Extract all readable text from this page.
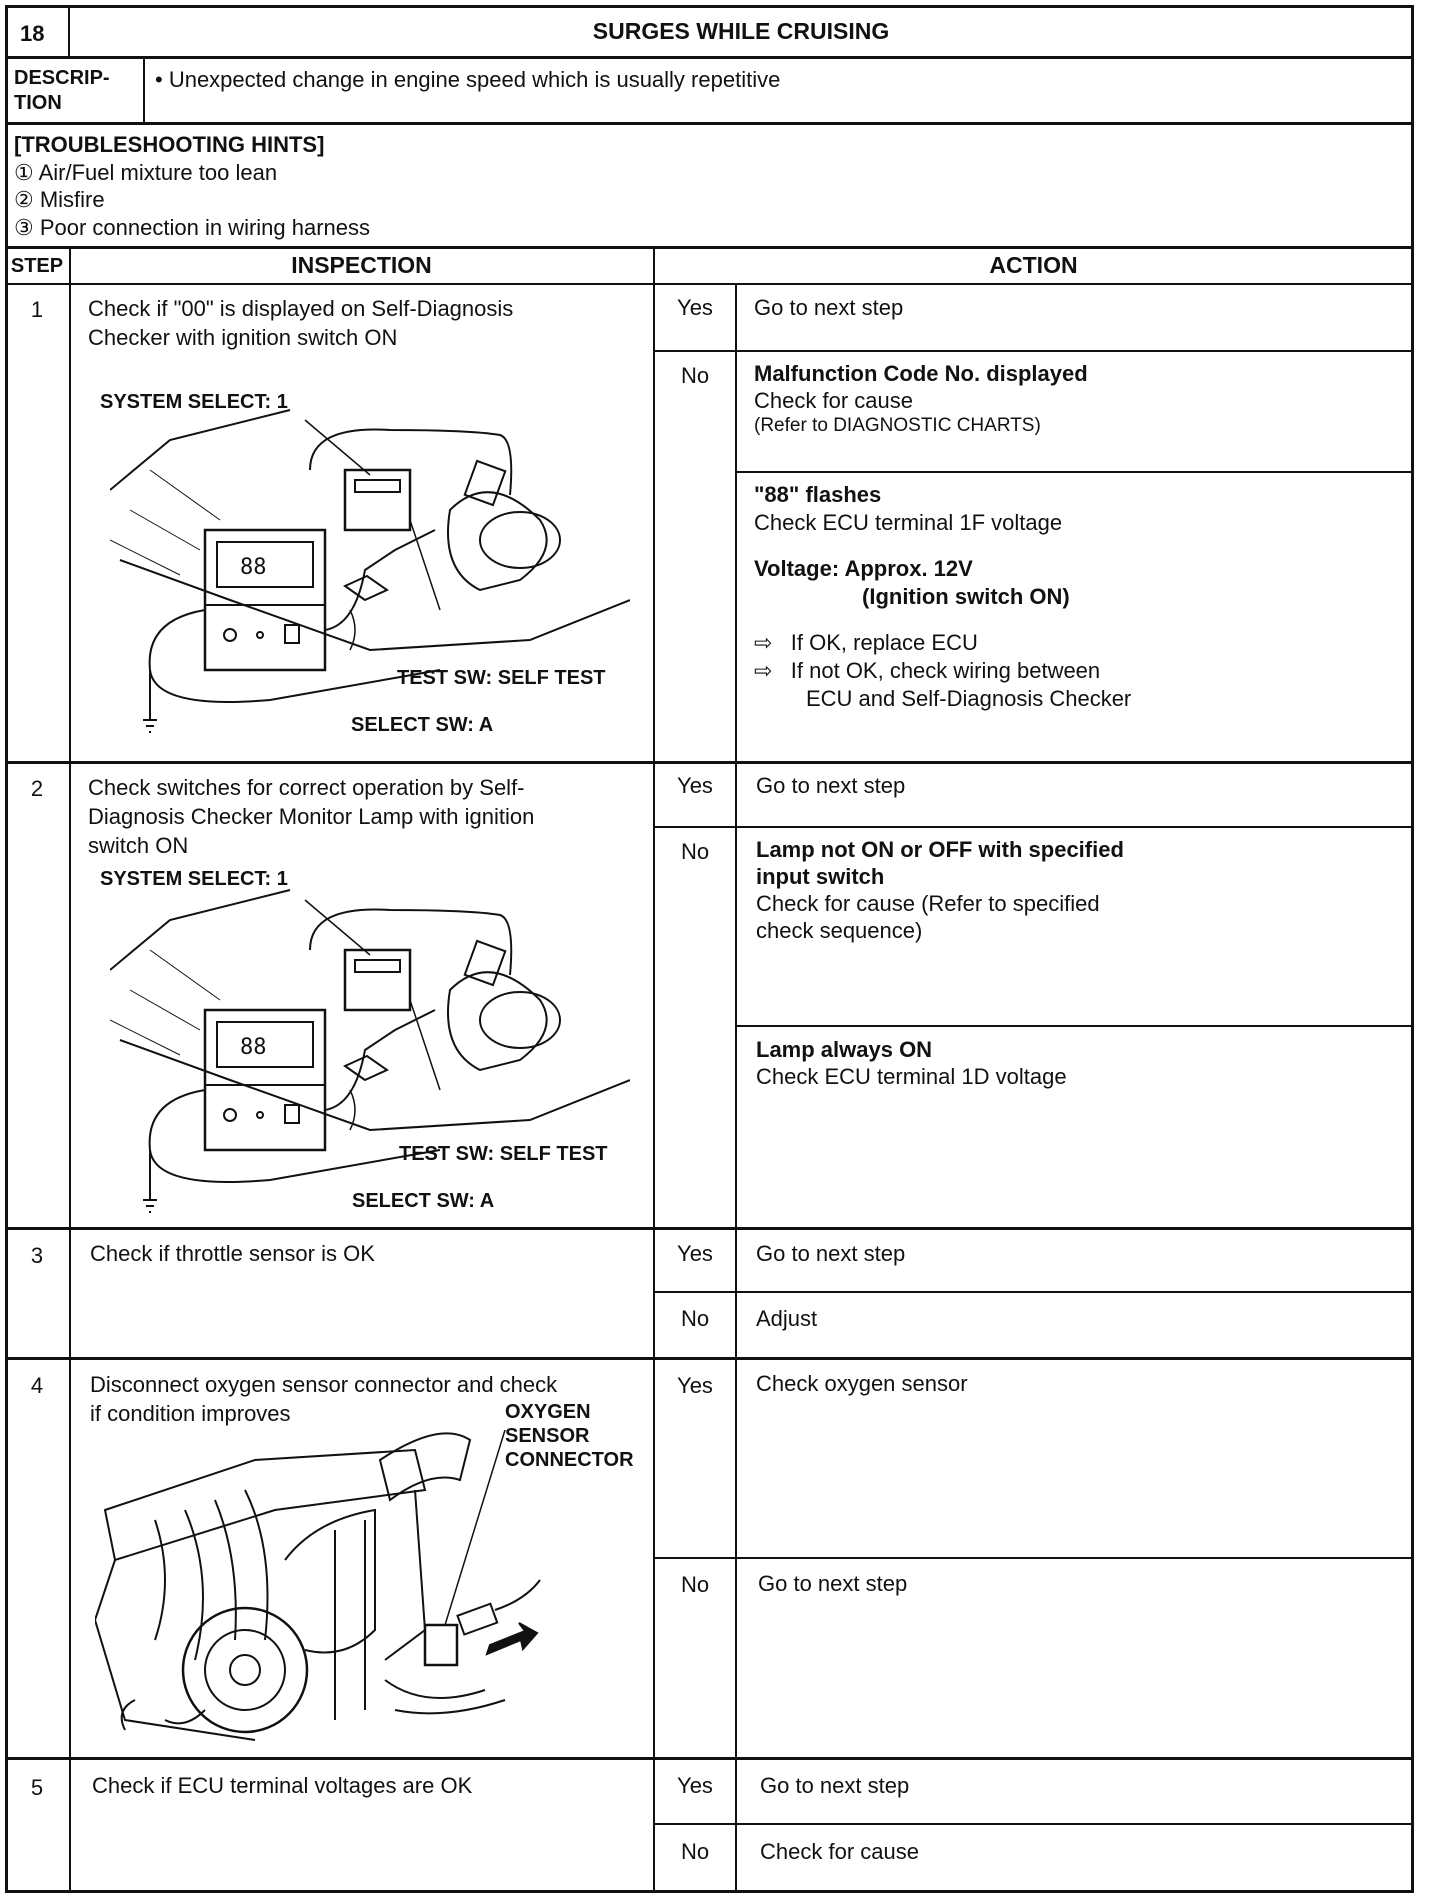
18	SURGES WHILE CRUISING
DESCRIP-
TION
• Unexpected change in engine speed which is usually repetitive
[TROUBLESHOOTING HINTS]
① Air/Fuel mixture too lean
② Misfire
③ Poor connection in wiring harness
STEP	INSPECTION	ACTION
1	Check if "00" is displayed on Self-Diagnosis
Checker with ignition switch ON
88
SYSTEM SELECT: 1
TEST SW: SELF TEST
SELECT SW: A
Yes	Go to next step
No	Malfunction Code No. displayed
Check for cause
(Refer to DIAGNOSTIC CHARTS)
"88" flashes
Check ECU terminal 1F voltage
Voltage: Approx. 12V
(Ignition switch ON)
⇨ If OK, replace ECU
⇨ If not OK, check wiring between
ECU and Self-Diagnosis Checker
2	Check switches for correct operation by Self-
Diagnosis Checker Monitor Lamp with ignition
switch ON
88
SYSTEM SELECT: 1
TEST SW: SELF TEST
SELECT SW: A
Yes	Go to next step
No	Lamp not ON or OFF with specified
input switch
Check for cause (Refer to specified
check sequence)
Lamp always ON
Check ECU terminal 1D voltage
3	Check if throttle sensor is OK	Yes	Go to next step
No	Adjust
4	Disconnect oxygen sensor connector and check
if condition improves	OXYGEN
SENSOR
CONNECTOR
Yes	Check oxygen sensor
No	Go to next step
5	Check if ECU terminal voltages are OK	Yes	Go to next step
No	Check for cause
